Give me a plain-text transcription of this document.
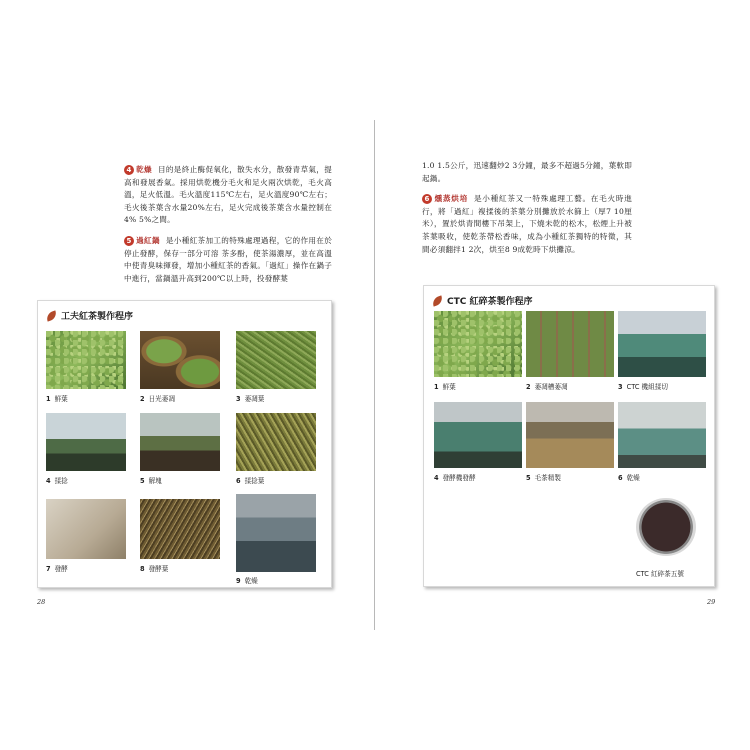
4 乾燥 目的是終止酶促氧化，散失水分，散發青草氣，提高和發展香氣。採用烘乾機分毛火和足火兩次烘乾，毛火高溫，足火低溫。毛火溫度115℃左右，足火溫度90℃左右；毛火後茶葉含水量20%左右，足火完成後茶葉含水量控制在4% 5%之間。

5 過紅鍋 是小種紅茶加工的特殊處理過程，它的作用在於停止發酵，保存一部分可溶 茶多酚，使茶湯濃厚，並在高溫中使青臭味揮發，增加小種紅茶的香氣。「過紅」操作在鍋子中進行，當鍋溫升高到200℃以上時，投發酵葉

工夫紅茶製作程序
1 鮮葉	2 日光萎凋	3 萎凋葉
4 揉捻	5 解塊	6 揉捻葉
7 發酵	8 發酵葉
9 乾燥
28

1.0 1.5公斤，迅速翻炒2 3分鐘，最多不超過5分鐘，葉軟即起鍋。

6 燻蒸烘培 是小種紅茶又一特殊處理工藝。在毛火時進行，將「過紅」複揉後的茶葉分別攤放於水篩上（厚7 10厘米），置於烘青間樓下吊架上，下燒未乾的松木，松煙上升被茶葉吸收，使乾茶帶松香味，成為小種紅茶獨特的特徵，其間必須翻拌1 2次，烘至8 9成乾時下烘攤涼。

CTC 紅碎茶製作程序
1 鮮葉	2 萎凋槽萎凋	3 CTC 機組揉切
4 發酵機發酵	5 毛茶精製	6 乾燥
CTC 紅碎茶五號
29
